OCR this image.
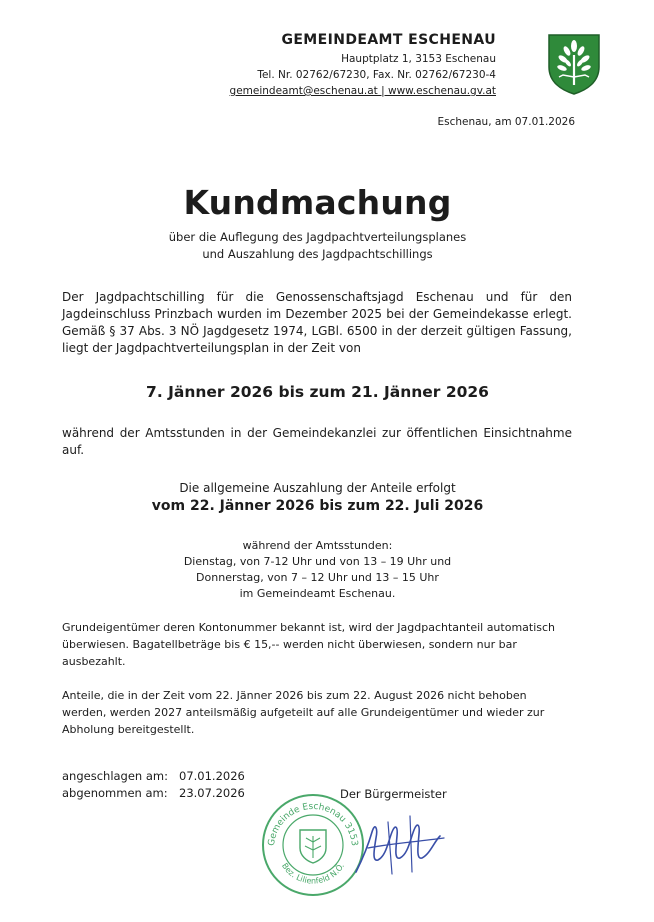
GEMEINDEAMT ESCHENAU
Hauptplatz 1, 3153 Eschenau
Tel. Nr. 02762/67230, Fax. Nr. 02762/67230-4
gemeindeamt@eschenau.at | www.eschenau.gv.at
Eschenau, am 07.01.2026
Kundmachung
über die Auflegung des Jagdpachtverteilungsplanes
und Auszahlung des Jagdpachtschillings
Der Jagdpachtschilling für die Genossenschaftsjagd Eschenau und für den Jagdeinschluss Prinzbach wurden im Dezember 2025 bei der Gemeindekasse erlegt. Gemäß § 37 Abs. 3 NÖ Jagdgesetz 1974, LGBl. 6500 in der derzeit gültigen Fassung, liegt der Jagdpachtverteilungsplan in der Zeit von
7. Jänner 2026 bis zum 21. Jänner 2026
während der Amtsstunden in der Gemeindekanzlei zur öffentlichen Einsichtnahme auf.
Die allgemeine Auszahlung der Anteile erfolgt
vom 22. Jänner 2026 bis zum 22. Juli 2026
während der Amtsstunden:
Dienstag, von 7-12 Uhr und von 13 – 19 Uhr und
Donnerstag, von 7 – 12 Uhr und 13 – 15 Uhr
im Gemeindeamt Eschenau.
Grundeigentümer deren Kontonummer bekannt ist, wird der Jagdpachtanteil automatisch überwiesen. Bagatellbeträge bis € 15,-- werden nicht überwiesen, sondern nur bar ausbezahlt.
Anteile, die in der Zeit vom 22. Jänner 2026 bis zum 22. August 2026 nicht behoben werden, werden 2027 anteilsmäßig aufgeteilt auf alle Grundeigentümer und wieder zur Abholung bereitgestellt.
angeschlagen am:	07.01.2026
abgenommen am:	23.07.2026
Gemeinde Eschenau 3153
Bez. Lilienfeld N.Ö.
Der Bürgermeister
